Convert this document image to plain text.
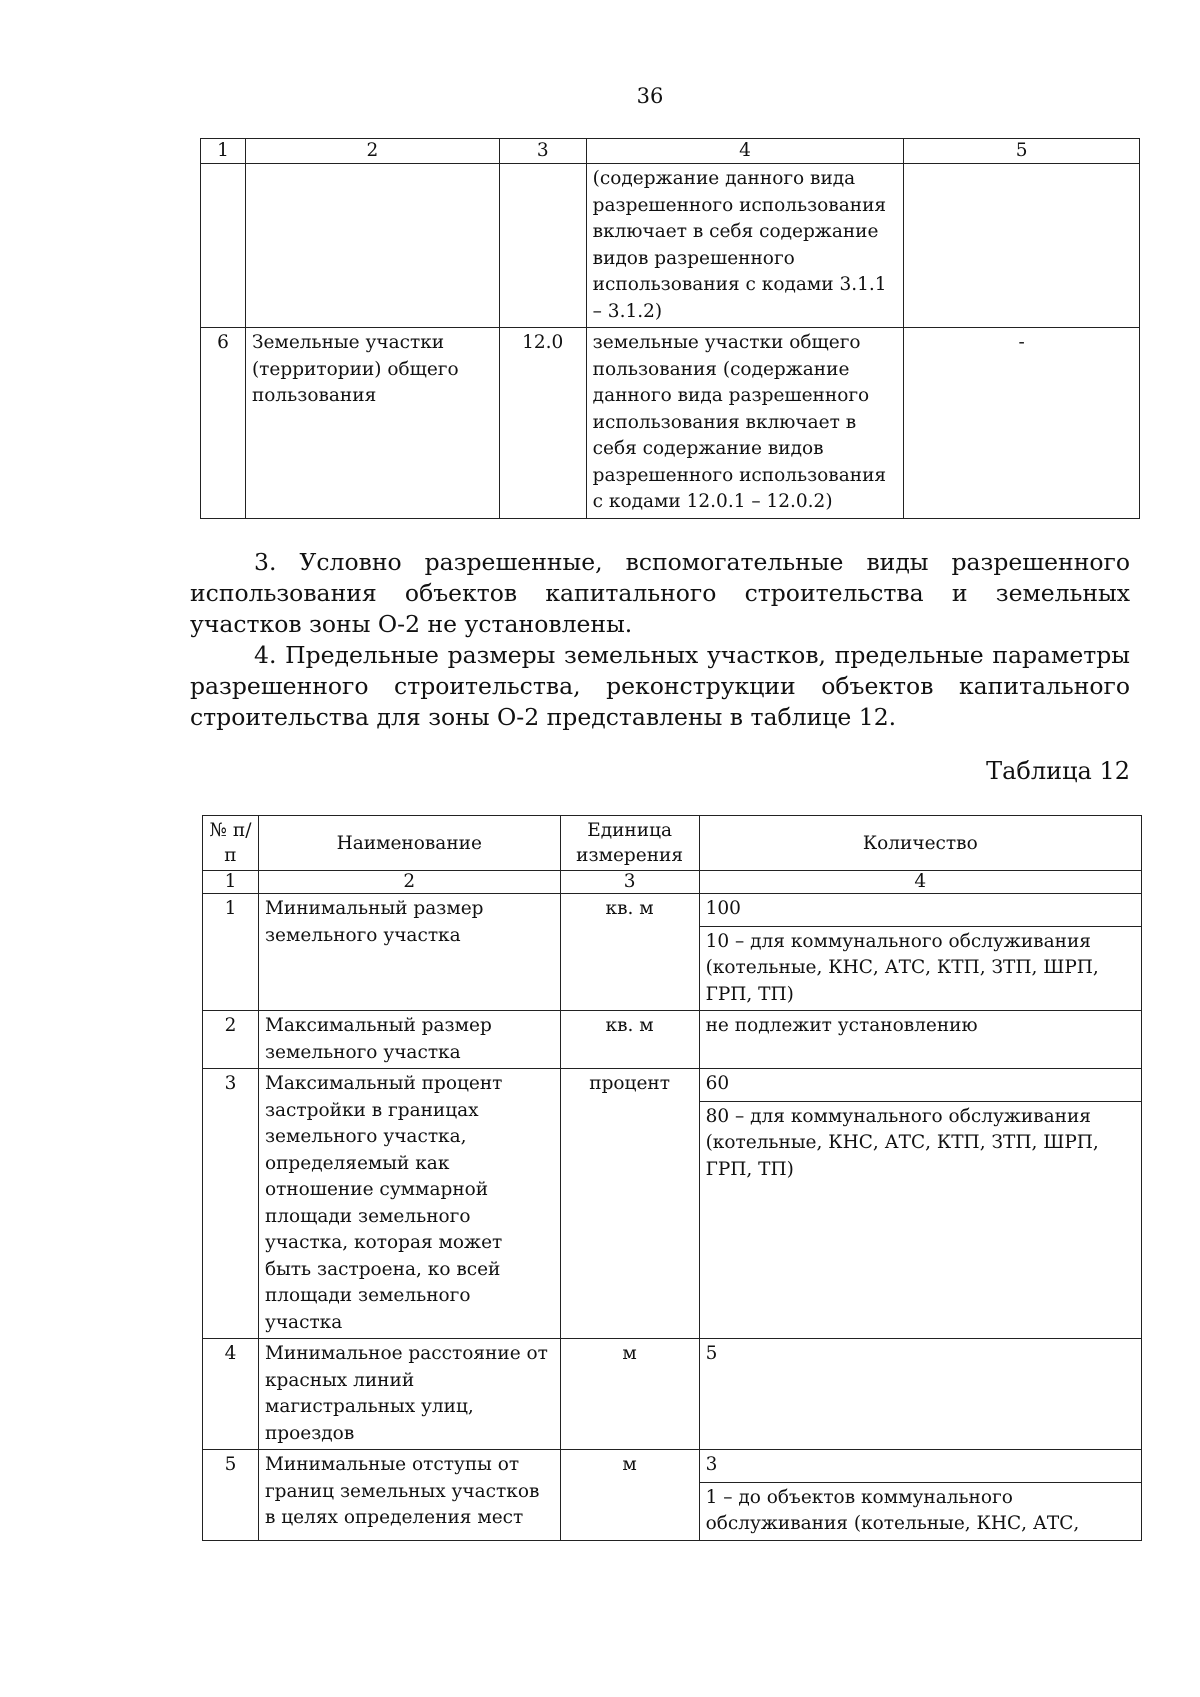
36
1	2	3	4	5
			(содержание данного вида разрешенного использования включает в себя содержание видов разрешенного использования с кодами 3.1.1 – 3.1.2)	
6	Земельные участки (территории) общего пользования	12.0	земельные участки общего пользования (содержание данного вида разрешенного использования включает в себя содержание видов разрешенного использования с кодами 12.0.1 – 12.0.2)	-

3. Условно разрешенные, вспомогательные виды разрешенного использования объектов капитального строительства и земельных участков зоны О-2 не установлены.

4. Предельные размеры земельных участков, предельные параметры разрешенного строительства, реконструкции объектов капитального строительства для зоны О-2 представлены в таблице 12.

Таблица 12
№ п/п	Наименование	Единица измерения	Количество
1	2	3	4
1	Минимальный размер земельного участка	кв. м	100
10 – для коммунального обслуживания (котельные, КНС, АТС, КТП, ЗТП, ШРП, ГРП, ТП)

2	Максимальный размер земельного участка	кв. м	не подлежит установлению

3	Максимальный процент застройки в границах земельного участка, определяемый как отношение суммарной площади земельного участка, которая может быть застроена, ко всей площади земельного участка	процент	60
80 – для коммунального обслуживания (котельные, КНС, АТС, КТП, ЗТП, ШРП, ГРП, ТП)

4	Минимальное расстояние от красных линий магистральных улиц, проездов	м	5

5	Минимальные отступы от границ земельных участков в целях определения мест	м	3
1 – до объектов коммунального обслуживания (котельные, КНС, АТС,
